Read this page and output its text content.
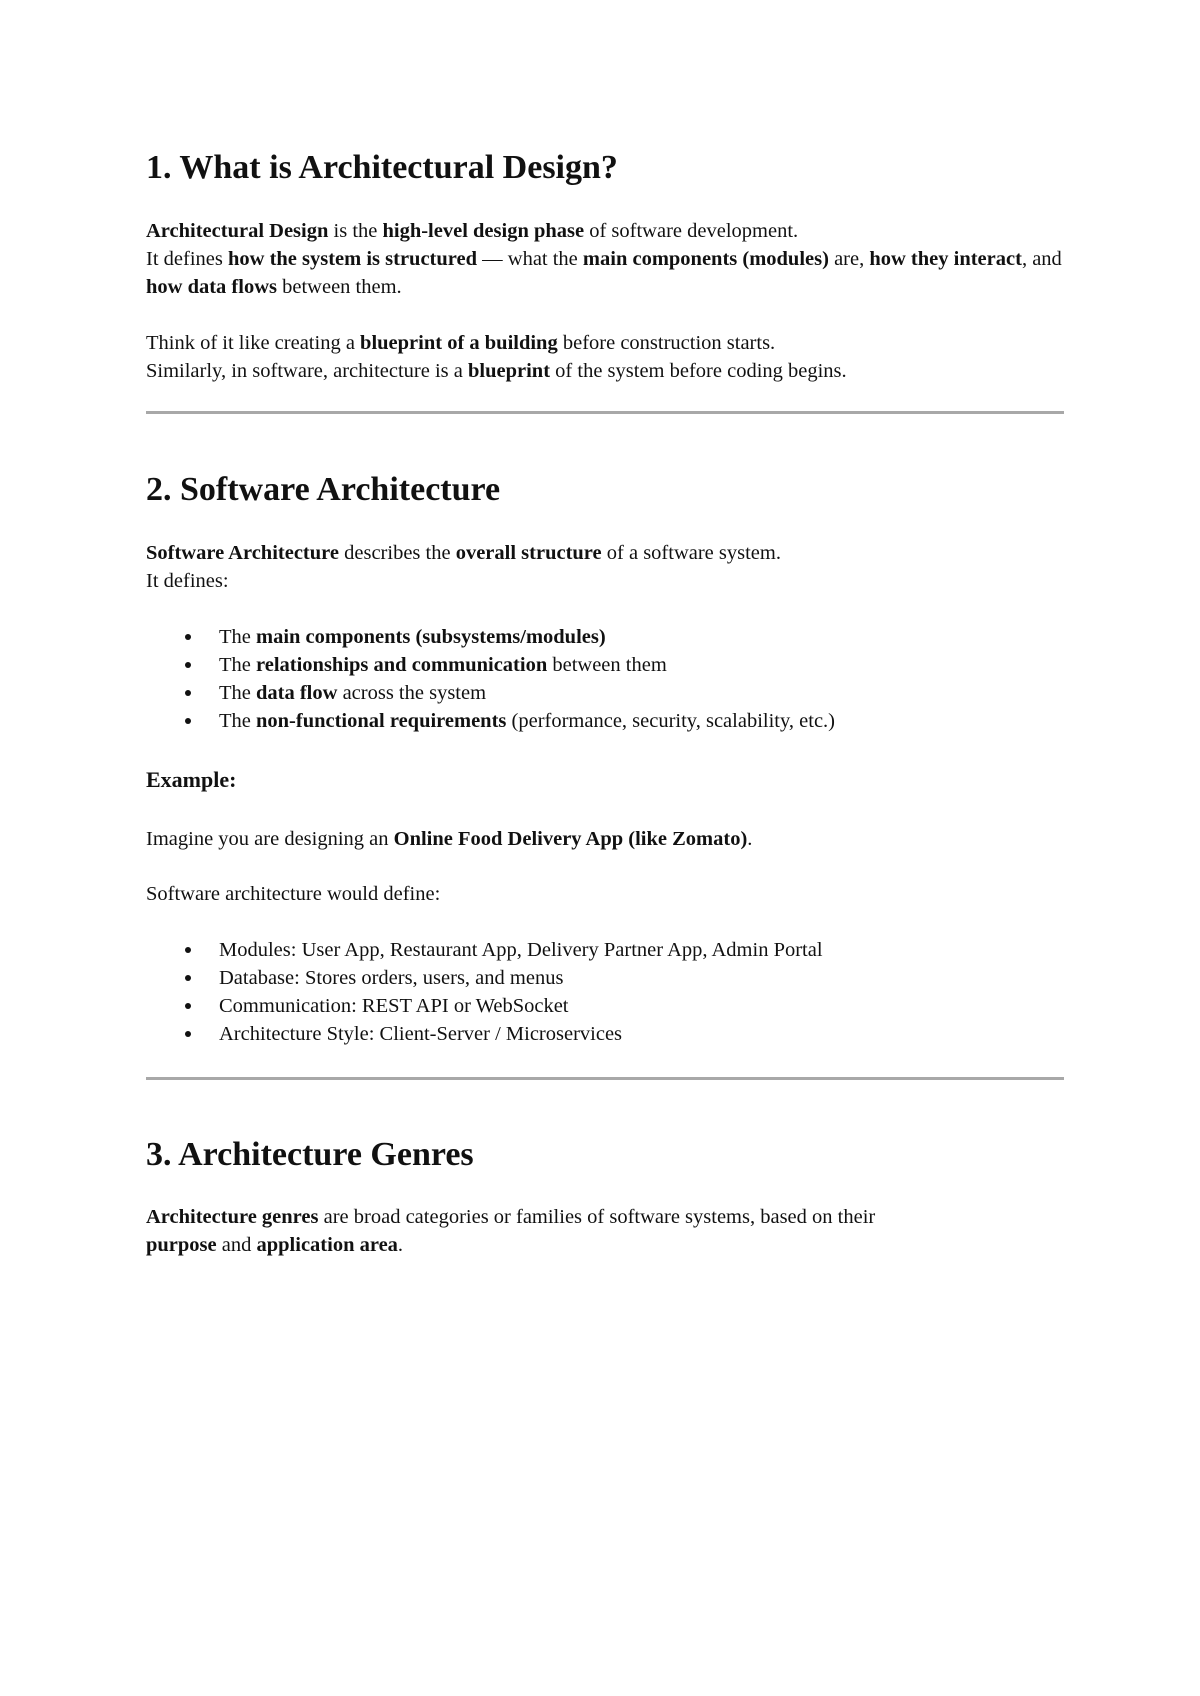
1. What is Architectural Design?

Architectural Design is the high-level design phase of software development.
It defines how the system is structured — what the main components (modules) are, how they interact, and how data flows between them.

Think of it like creating a blueprint of a building before construction starts.
Similarly, in software, architecture is a blueprint of the system before coding begins.

2. Software Architecture

Software Architecture describes the overall structure of a software system.
It defines:

The main components (subsystems/modules)
The relationships and communication between them
The data flow across the system
The non-functional requirements (performance, security, scalability, etc.)
Example:

Imagine you are designing an Online Food Delivery App (like Zomato).

Software architecture would define:

Modules: User App, Restaurant App, Delivery Partner App, Admin Portal
Database: Stores orders, users, and menus
Communication: REST API or WebSocket
Architecture Style: Client-Server / Microservices
3. Architecture Genres

Architecture genres are broad categories or families of software systems, based on their
purpose and application area.
